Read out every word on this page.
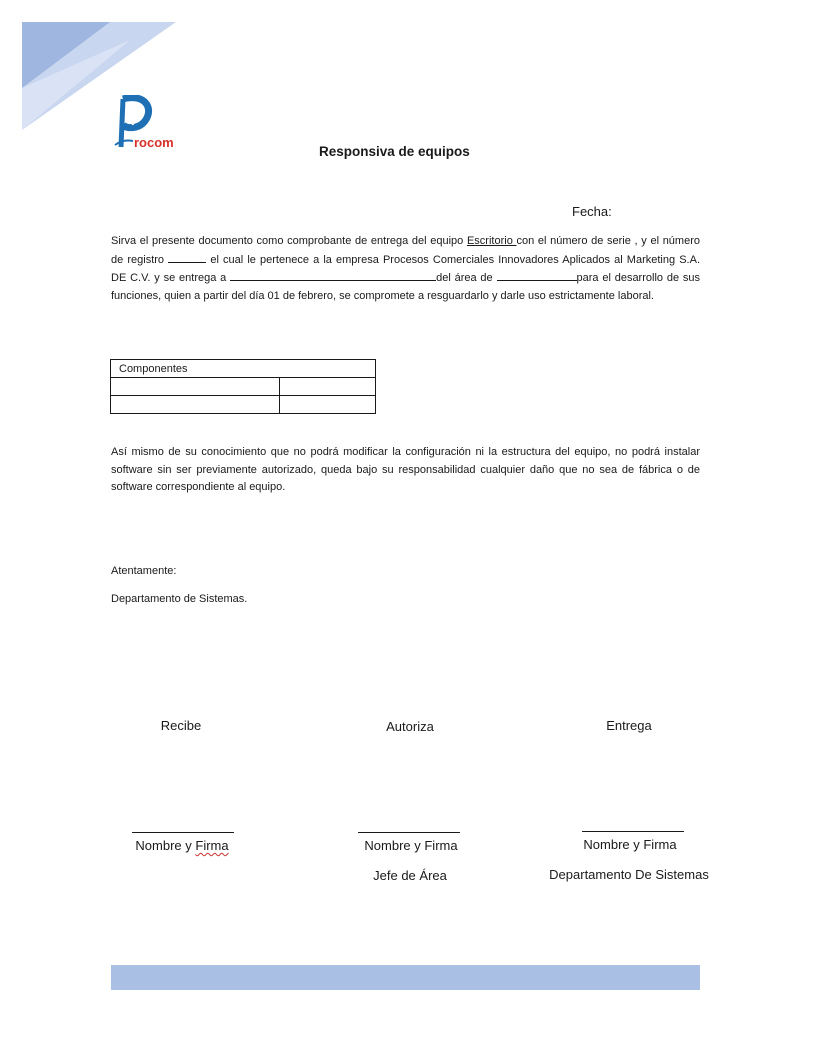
rocom
Responsiva de equipos
Fecha:
Sirva el presente documento como comprobante de entrega del equipo Escritorio con el número de serie , y el número de registro	el cual le pertenece a la empresa Procesos Comerciales Innovadores Aplicados al Marketing S.A. DE C.V. y se entrega a	del área de	para el desarrollo de sus funciones, quien a partir del día 01 de febrero, se compromete a resguardarlo y darle uso estrictamente laboral.
Componentes	

Así mismo de su conocimiento que no podrá modificar la configuración ni la estructura del equipo, no podrá instalar software sin ser previamente autorizado, queda bajo su responsabilidad cualquier daño que no sea de fábrica o de software correspondiente al equipo.
Atentamente:
Departamento de Sistemas.
Recibe
Nombre y Firma
Autoriza
Nombre y Firma
Jefe de Área
Entrega
Nombre y Firma
Departamento De Sistemas
